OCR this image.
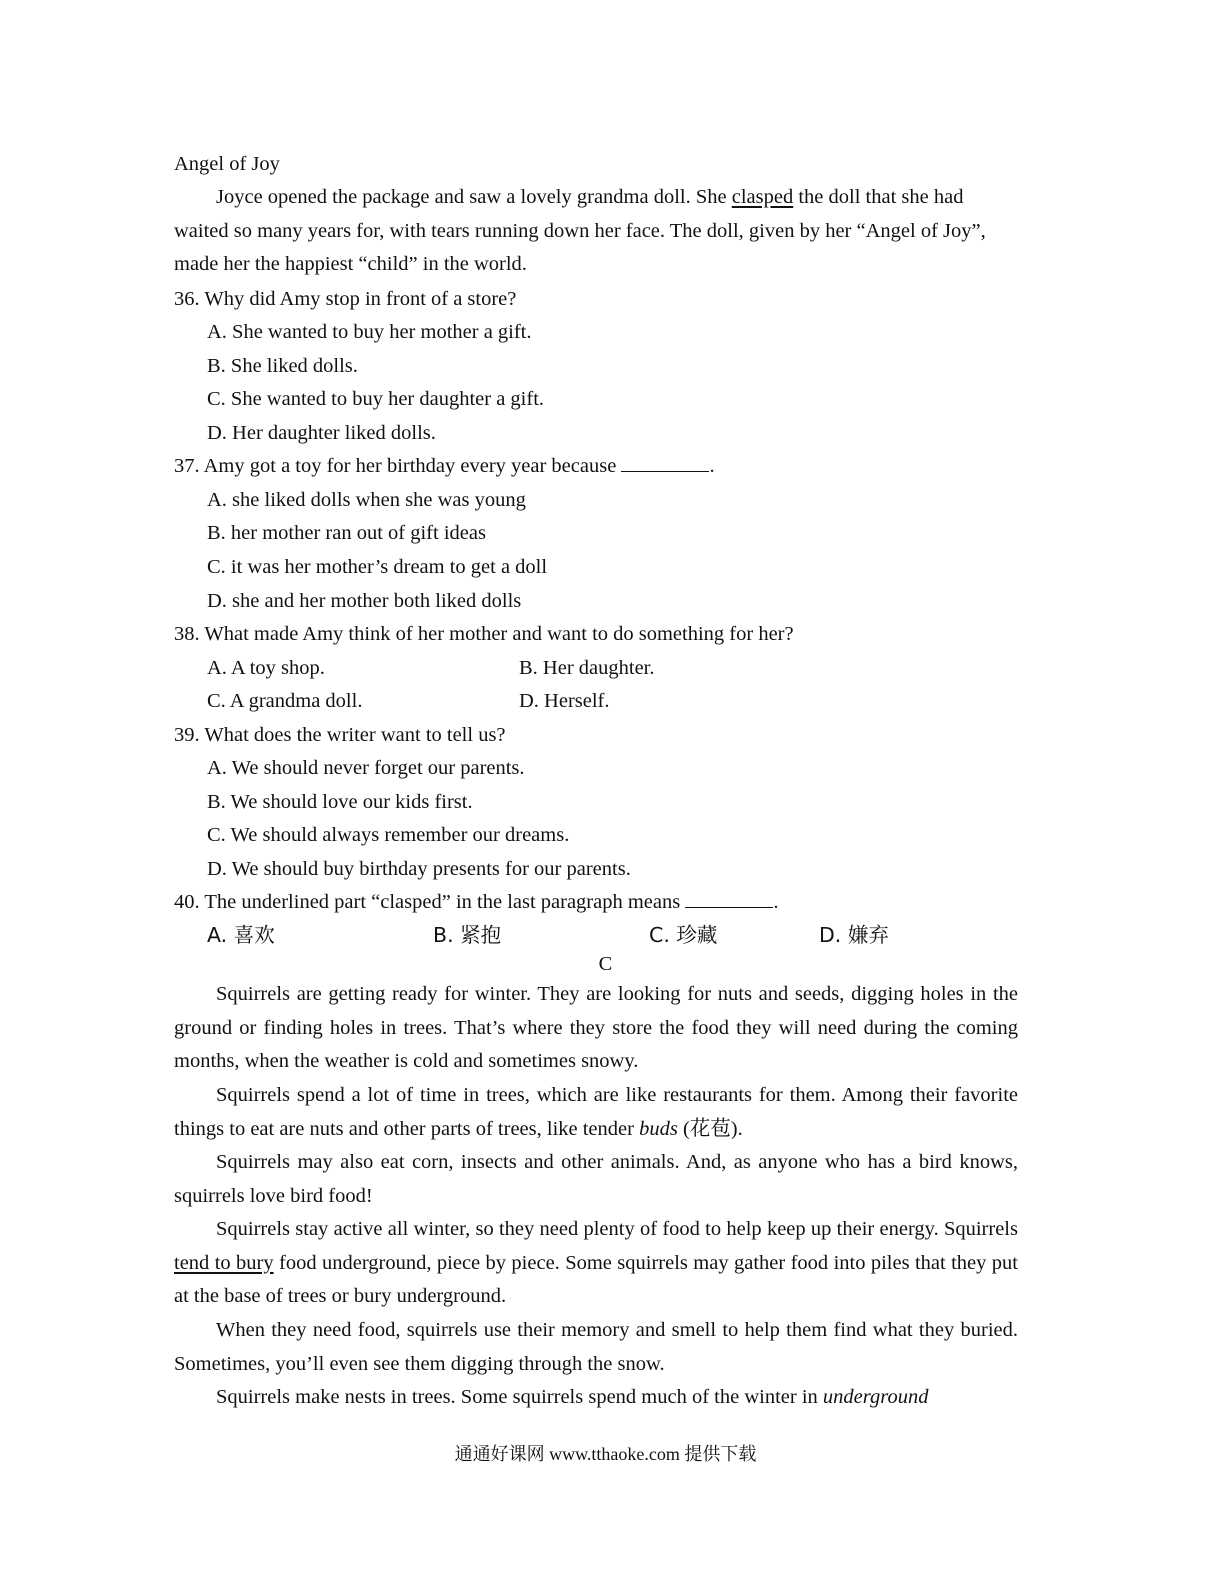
Angel of Joy
Joyce opened the package and saw a lovely grandma doll. She clasped the doll that she had waited so many years for, with tears running down her face. The doll, given by her “Angel of Joy”, made her the happiest “child” in the world.
36. Why did Amy stop in front of a store?
A. She wanted to buy her mother a gift.
B. She liked dolls.
C. She wanted to buy her daughter a gift.
D. Her daughter liked dolls.
37. Amy got a toy for her birthday every year because	.
A. she liked dolls when she was young
B. her mother ran out of gift ideas
C. it was her mother’s dream to get a doll
D. she and her mother both liked dolls
38. What made Amy think of her mother and want to do something for her?
A. A toy shop.	B. Her daughter.
C. A grandma doll.	D. Herself.
39. What does the writer want to tell us?
A. We should never forget our parents.
B. We should love our kids first.
C. We should always remember our dreams.
D. We should buy birthday presents for our parents.
40. The underlined part “clasped” in the last paragraph means	.
A. 喜欢	B. 紧抱	C. 珍藏	D. 嫌弃
C
Squirrels are getting ready for winter. They are looking for nuts and seeds, digging holes in the ground or finding holes in trees. That’s where they store the food they will need during the coming months, when the weather is cold and sometimes snowy.
Squirrels spend a lot of time in trees, which are like restaurants for them. Among their favorite things to eat are nuts and other parts of trees, like tender buds (花苞).
Squirrels may also eat corn, insects and other animals. And, as anyone who has a bird knows, squirrels love bird food!
Squirrels stay active all winter, so they need plenty of food to help keep up their energy. Squirrels tend to bury food underground, piece by piece. Some squirrels may gather food into piles that they put at the base of trees or bury underground.
When they need food, squirrels use their memory and smell to help them find what they buried. Sometimes, you’ll even see them digging through the snow.
Squirrels make nests in trees. Some squirrels spend much of the winter in underground
通通好课网 www.tthaoke.com 提供下载
